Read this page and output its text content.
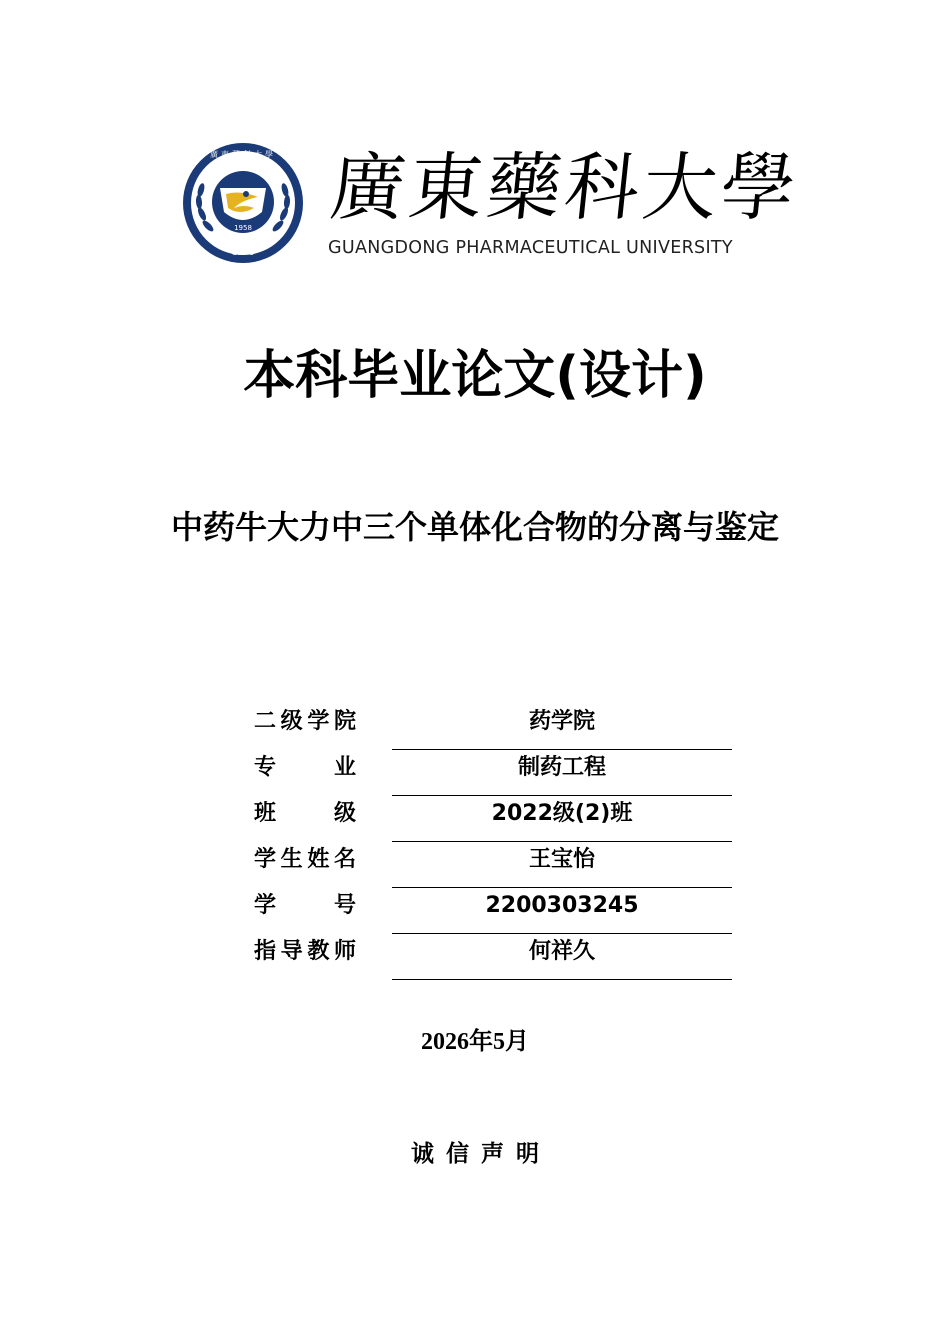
1958
GDPU
廣東藥科大學 廣東藥科大學
GUANGDONG PHARMACEUTICAL UNIVERSITY
本科毕业论文(设计)
中药牛大力中三个单体化合物的分离与鉴定
二级学院	药学院
专业	制药工程
班级	2022级(2)班
学生姓名	王宝怡
学号	2200303245
指导教师	何祥久
2026年5月
诚信声明
